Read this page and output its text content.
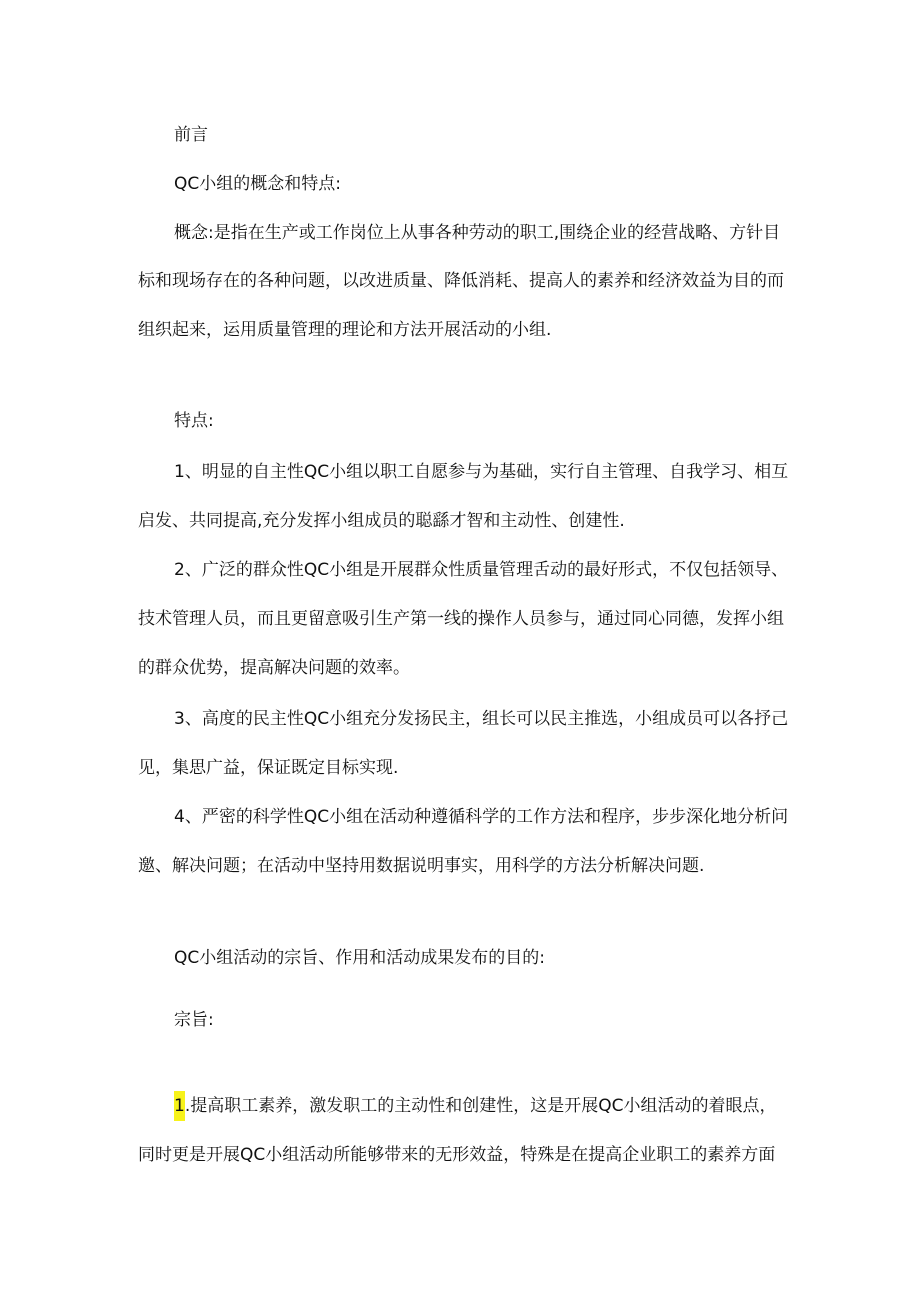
前言
QC小组的概念和特点:
概念:是指在生产或工作岗位上从事各种劳动的职工,围绕企业的经营战略、方针目
标和现场存在的各种问题，以改进质量、降低消耗、提高人的素养和经济效益为目的而
组织起来，运用质量管理的理论和方法开展活动的小组.
特点:
1、明显的自主性QC小组以职工自愿参与为基础，实行自主管理、自我学习、相互
启发、共同提高,充分发挥小组成员的聪繇才智和主动性、创建性.
2、广泛的群众性QC小组是开展群众性质量管理舌动的最好形式，不仅包括领导、
技术管理人员，而且更留意吸引生产第一线的操作人员参与，通过同心同德，发挥小组
的群众优势，提高解决问题的效率。
3、高度的民主性QC小组充分发扬民主，组长可以民主推选，小组成员可以各抒己
见，集思广益，保证既定目标实现.
4、严密的科学性QC小组在活动种遵循科学的工作方法和程序，步步深化地分析问
邀、解决问题；在活动中坚持用数据说明事实，用科学的方法分析解决问题.
QC小组活动的宗旨、作用和活动成果发布的目的:
宗旨:
1.提高职工素养，激发职工的主动性和创建性，这是开展QC小组活动的着眼点，
同时更是开展QC小组活动所能够带来的无形效益，特殊是在提高企业职工的素养方面
